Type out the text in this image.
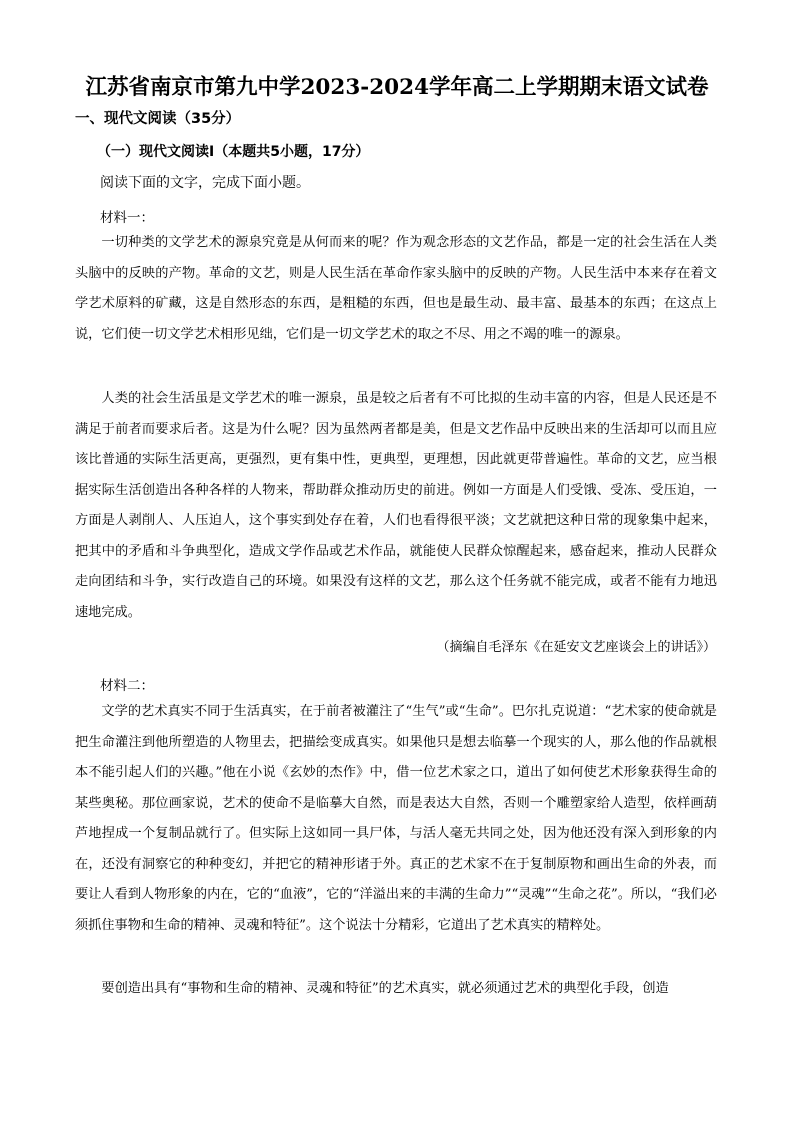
江苏省南京市第九中学2023-2024学年高二上学期期末语文试卷
一、现代文阅读（35分）
（一）现代文阅读Ⅰ（本题共5小题，17分）
阅读下面的文字，完成下面小题。
材料一：

一切种类的文学艺术的源泉究竟是从何而来的呢？作为观念形态的文艺作品，都是一定的社会生活在人类头脑中的反映的产物。革命的文艺，则是人民生活在革命作家头脑中的反映的产物。人民生活中本来存在着文学艺术原料的矿藏，这是自然形态的东西，是粗糙的东西，但也是最生动、最丰富、最基本的东西；在这点上说，它们使一切文学艺术相形见绌，它们是一切文学艺术的取之不尽、用之不竭的唯一的源泉。

人类的社会生活虽是文学艺术的唯一源泉，虽是较之后者有不可比拟的生动丰富的内容，但是人民还是不满足于前者而要求后者。这是为什么呢？因为虽然两者都是美，但是文艺作品中反映出来的生活却可以而且应该比普通的实际生活更高，更强烈，更有集中性，更典型，更理想，因此就更带普遍性。革命的文艺，应当根据实际生活创造出各种各样的人物来，帮助群众推动历史的前进。例如一方面是人们受饿、受冻、受压迫，一方面是人剥削人、人压迫人，这个事实到处存在着，人们也看得很平淡；文艺就把这种日常的现象集中起来，把其中的矛盾和斗争典型化，造成文学作品或艺术作品，就能使人民群众惊醒起来，感奋起来，推动人民群众走向团结和斗争，实行改造自己的环境。如果没有这样的文艺，那么这个任务就不能完成，或者不能有力地迅速地完成。

（摘编自毛泽东《在延安文艺座谈会上的讲话》）
材料二：

文学的艺术真实不同于生活真实，在于前者被灌注了“生气”或“生命”。巴尔扎克说道：“艺术家的使命就是把生命灌注到他所塑造的人物里去，把描绘变成真实。如果他只是想去临摹一个现实的人，那么他的作品就根本不能引起人们的兴趣。”他在小说《玄妙的杰作》中，借一位艺术家之口，道出了如何使艺术形象获得生命的某些奥秘。那位画家说，艺术的使命不是临摹大自然，而是表达大自然，否则一个雕塑家给人造型，依样画葫芦地捏成一个复制品就行了。但实际上这如同一具尸体，与活人毫无共同之处，因为他还没有深入到形象的内在，还没有洞察它的种种变幻，并把它的精神形诸于外。真正的艺术家不在于复制原物和画出生命的外表，而要让人看到人物形象的内在，它的“血液”，它的“洋溢出来的丰满的生命力”“灵魂”“生命之花”。所以，“我们必须抓住事物和生命的精神、灵魂和特征”。这个说法十分精彩，它道出了艺术真实的精粹处。

要创造出具有“事物和生命的精神、灵魂和特征”的艺术真实，就必须通过艺术的典型化手段，创造
